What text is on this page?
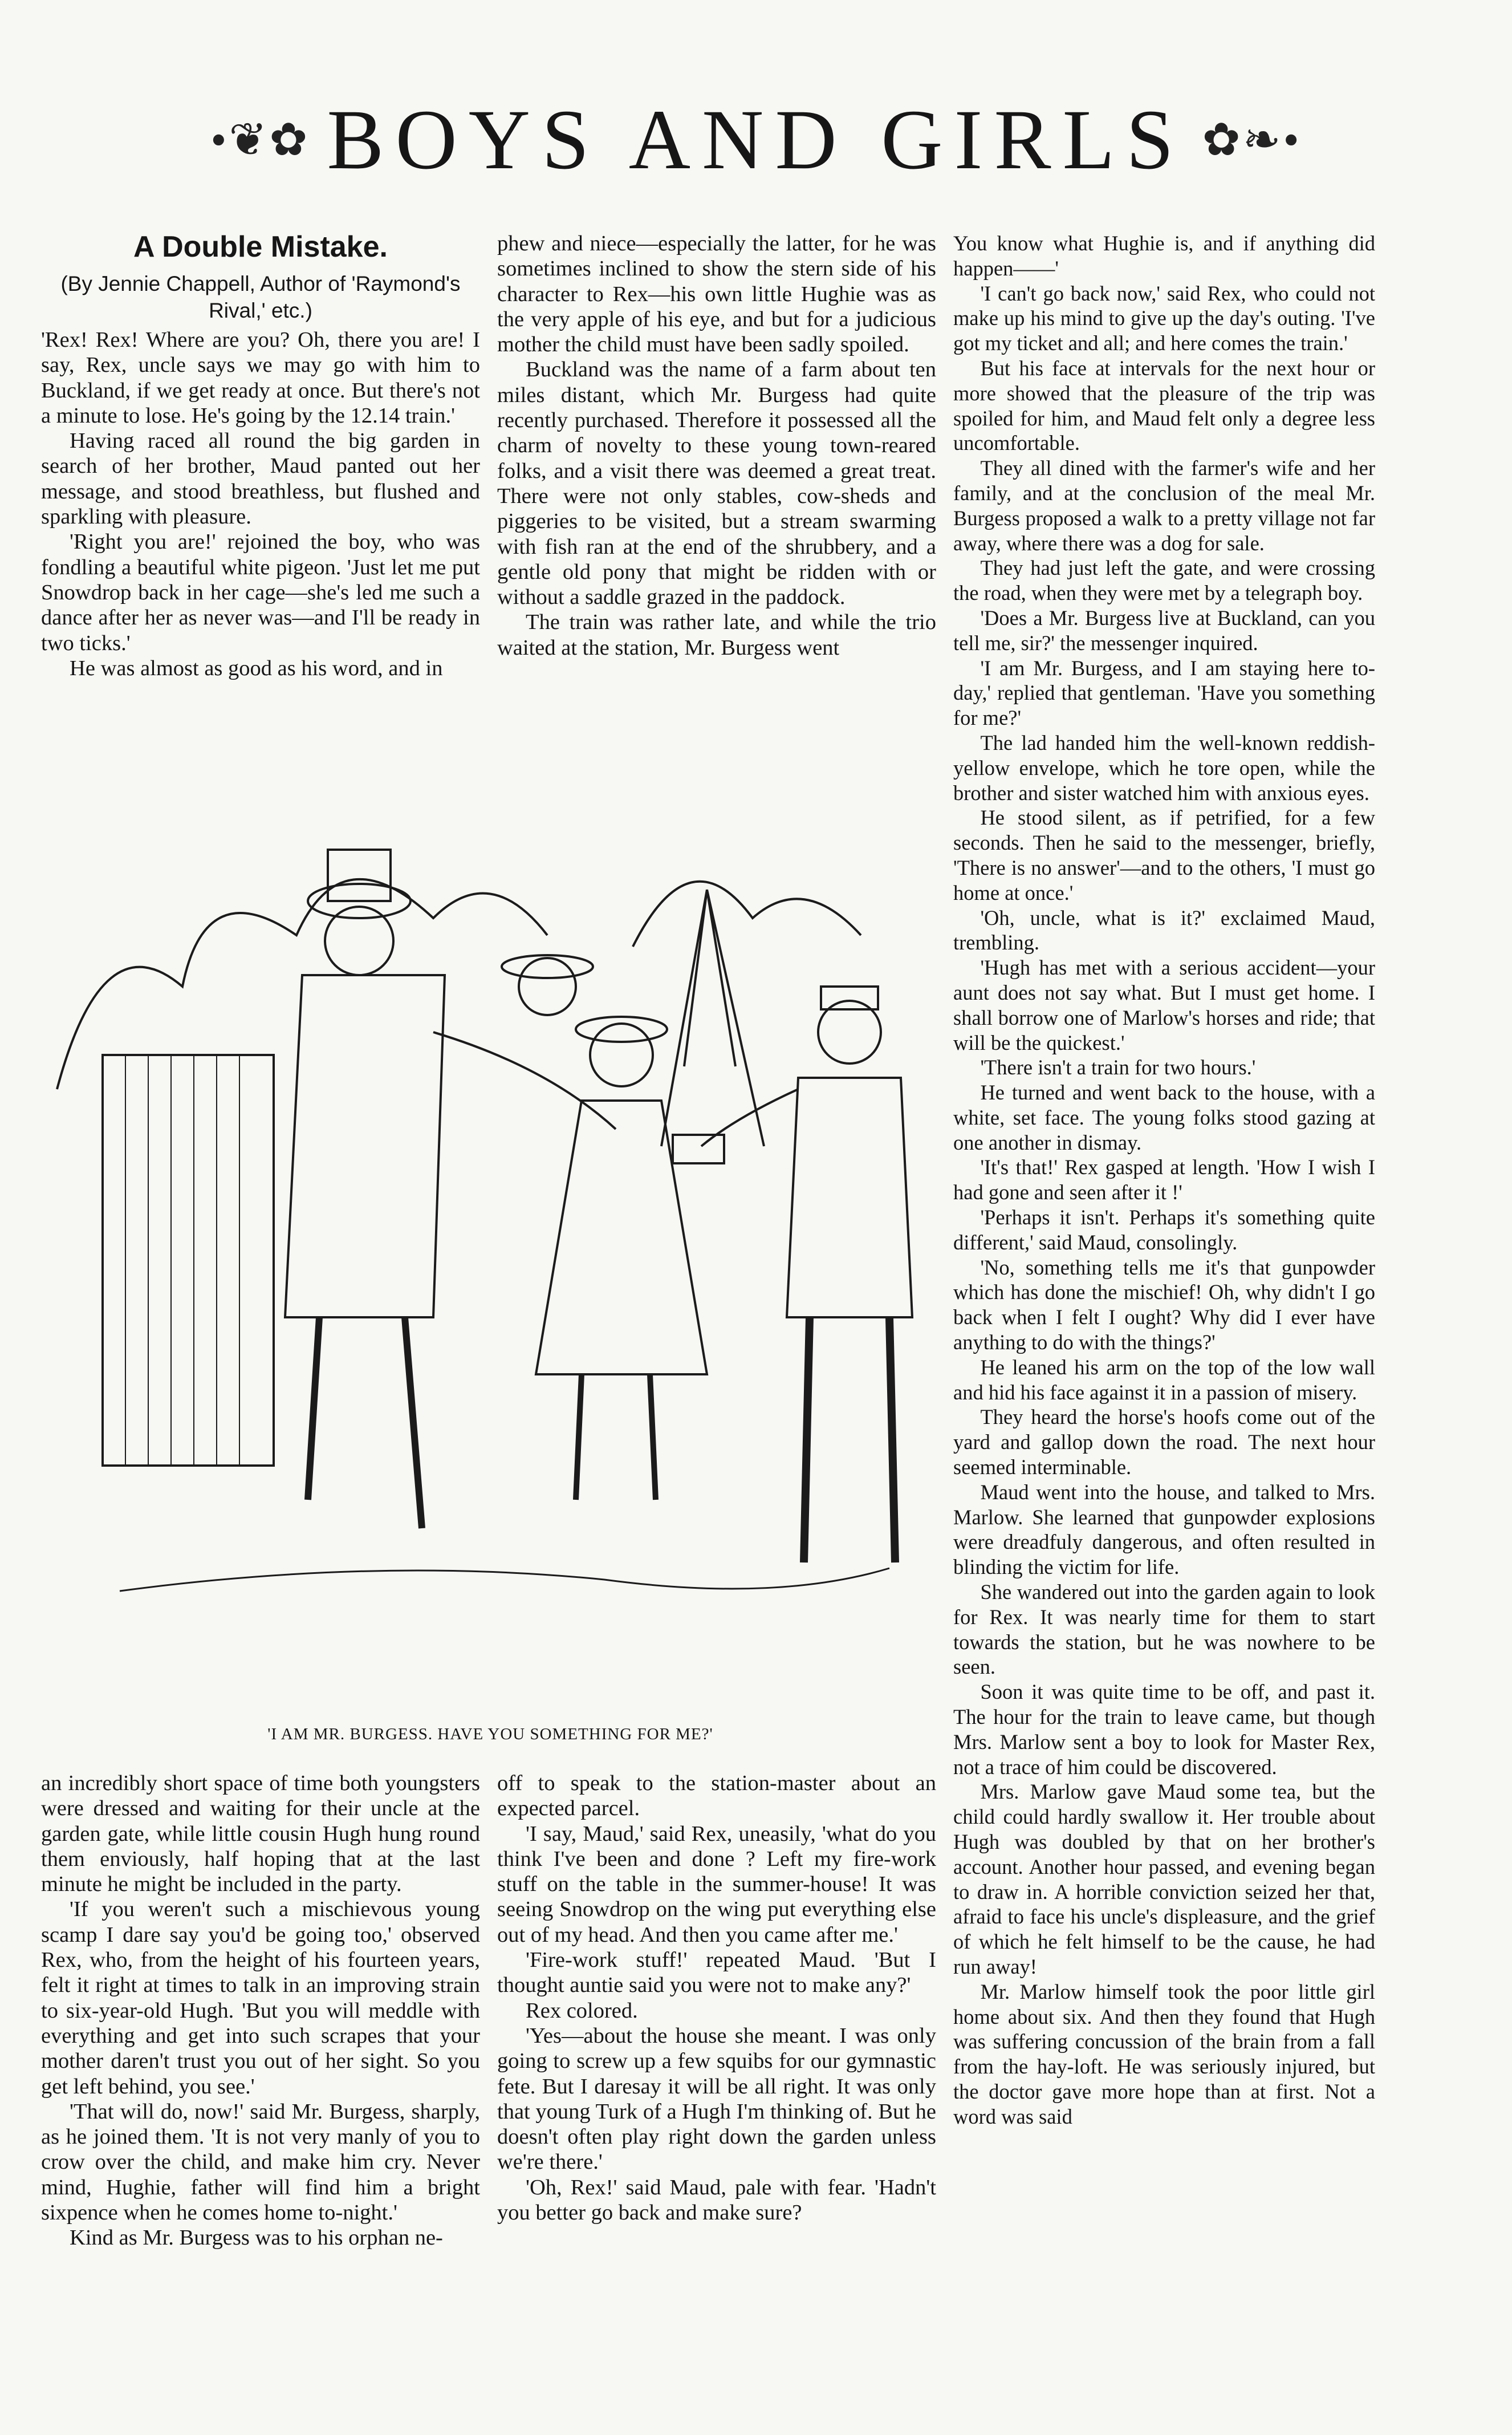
•❦✿ BOYS AND GIRLS ✿❧•
A Double Mistake.
(By Jennie Chappell, Author of 'Raymond's Rival,' etc.)

'Rex! Rex! Where are you? Oh, there you are! I say, Rex, uncle says we may go with him to Buckland, if we get ready at once. But there's not a minute to lose. He's going by the 12.14 train.'

Having raced all round the big garden in search of her brother, Maud panted out her message, and stood breathless, but flushed and sparkling with pleasure.

'Right you are!' rejoined the boy, who was fondling a beautiful white pigeon. 'Just let me put Snowdrop back in her cage—she's led me such a dance after her as never was—and I'll be ready in two ticks.'

He was almost as good as his word, and in

phew and niece—especially the latter, for he was sometimes inclined to show the stern side of his character to Rex—his own little Hughie was as the very apple of his eye, and but for a judicious mother the child must have been sadly spoiled.

Buckland was the name of a farm about ten miles distant, which Mr. Burgess had quite recently purchased. Therefore it possessed all the charm of novelty to these young town-reared folks, and a visit there was deemed a great treat. There were not only stables, cow-sheds and piggeries to be visited, but a stream swarming with fish ran at the end of the shrubbery, and a gentle old pony that might be ridden with or without a saddle grazed in the paddock.

The train was rather late, and while the trio waited at the station, Mr. Burgess went

'I AM MR. BURGESS. HAVE YOU SOMETHING FOR ME?'

an incredibly short space of time both youngsters were dressed and waiting for their uncle at the garden gate, while little cousin Hugh hung round them enviously, half hoping that at the last minute he might be included in the party.

'If you weren't such a mischievous young scamp I dare say you'd be going too,' observed Rex, who, from the height of his fourteen years, felt it right at times to talk in an improving strain to six-year-old Hugh. 'But you will meddle with everything and get into such scrapes that your mother daren't trust you out of her sight. So you get left behind, you see.'

'That will do, now!' said Mr. Burgess, sharply, as he joined them. 'It is not very manly of you to crow over the child, and make him cry. Never mind, Hughie, father will find him a bright sixpence when he comes home to-night.'

Kind as Mr. Burgess was to his orphan ne-

off to speak to the station-master about an expected parcel.

'I say, Maud,' said Rex, uneasily, 'what do you think I've been and done ? Left my fire-work stuff on the table in the summer-house! It was seeing Snowdrop on the wing put everything else out of my head. And then you came after me.'

'Fire-work stuff!' repeated Maud. 'But I thought auntie said you were not to make any?'

Rex colored.

'Yes—about the house she meant. I was only going to screw up a few squibs for our gymnastic fete. But I daresay it will be all right. It was only that young Turk of a Hugh I'm thinking of. But he doesn't often play right down the garden unless we're there.'

'Oh, Rex!' said Maud, pale with fear. 'Hadn't you better go back and make sure?

You know what Hughie is, and if anything did happen——'

'I can't go back now,' said Rex, who could not make up his mind to give up the day's outing. 'I've got my ticket and all; and here comes the train.'

But his face at intervals for the next hour or more showed that the pleasure of the trip was spoiled for him, and Maud felt only a degree less uncomfortable.

They all dined with the farmer's wife and her family, and at the conclusion of the meal Mr. Burgess proposed a walk to a pretty village not far away, where there was a dog for sale.

They had just left the gate, and were crossing the road, when they were met by a telegraph boy.

'Does a Mr. Burgess live at Buckland, can you tell me, sir?' the messenger inquired.

'I am Mr. Burgess, and I am staying here to-day,' replied that gentleman. 'Have you something for me?'

The lad handed him the well-known reddish-yellow envelope, which he tore open, while the brother and sister watched him with anxious eyes.

He stood silent, as if petrified, for a few seconds. Then he said to the messenger, briefly, 'There is no answer'—and to the others, 'I must go home at once.'

'Oh, uncle, what is it?' exclaimed Maud, trembling.

'Hugh has met with a serious accident—your aunt does not say what. But I must get home. I shall borrow one of Marlow's horses and ride; that will be the quickest.'

'There isn't a train for two hours.'

He turned and went back to the house, with a white, set face. The young folks stood gazing at one another in dismay.

'It's that!' Rex gasped at length. 'How I wish I had gone and seen after it !'

'Perhaps it isn't. Perhaps it's something quite different,' said Maud, consolingly.

'No, something tells me it's that gunpowder which has done the mischief! Oh, why didn't I go back when I felt I ought? Why did I ever have anything to do with the things?'

He leaned his arm on the top of the low wall and hid his face against it in a passion of misery.

They heard the horse's hoofs come out of the yard and gallop down the road. The next hour seemed interminable.

Maud went into the house, and talked to Mrs. Marlow. She learned that gunpowder explosions were dreadfuly dangerous, and often resulted in blinding the victim for life.

She wandered out into the garden again to look for Rex. It was nearly time for them to start towards the station, but he was nowhere to be seen.

Soon it was quite time to be off, and past it. The hour for the train to leave came, but though Mrs. Marlow sent a boy to look for Master Rex, not a trace of him could be discovered.

Mrs. Marlow gave Maud some tea, but the child could hardly swallow it. Her trouble about Hugh was doubled by that on her brother's account. Another hour passed, and evening began to draw in. A horrible conviction seized her that, afraid to face his uncle's displeasure, and the grief of which he felt himself to be the cause, he had run away!

Mr. Marlow himself took the poor little girl home about six. And then they found that Hugh was suffering concussion of the brain from a fall from the hay-loft. He was seriously injured, but the doctor gave more hope than at first. Not a word was said
